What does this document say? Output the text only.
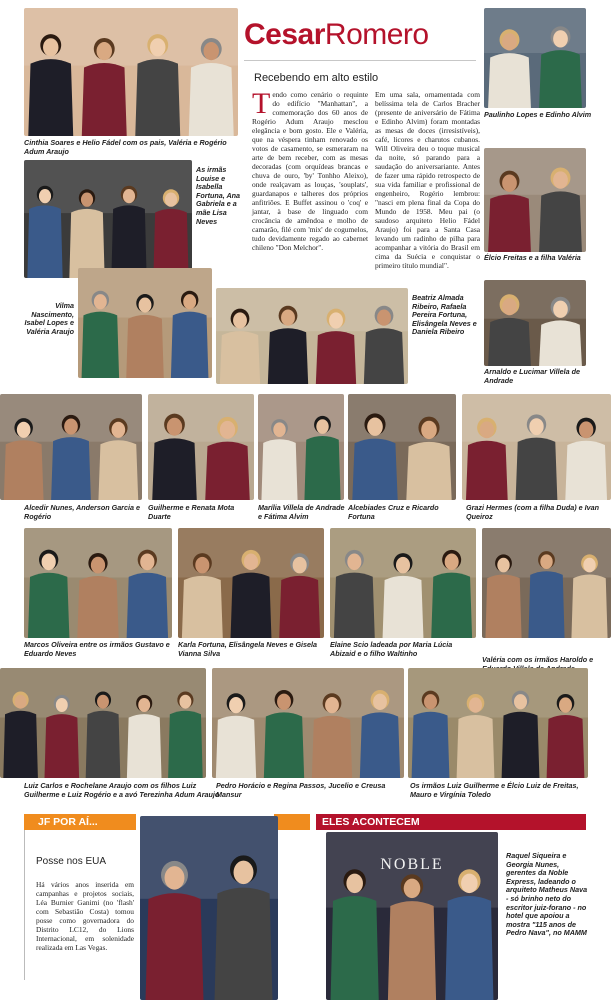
Cinthia Soares e Helio Fádel com os pais, Valéria e Rogério Adum Araujo
CesarRomero
Paulinho Lopes e Edinho Alvim
Recebendo em alto estilo
Tendo como cenário o requinte do edifício "Manhattan", a comemoração dos 60 anos de Rogério Adum Araujo mesclou elegância e bom gosto. Ele e Valéria, que na véspera tinham renovado os votos de casamento, se esmeraram na arte de bem receber, com as mesas decoradas (com orquídeas brancas e chuva de ouro, 'by' Tonhho Aleixo), onde realçavam as louças, 'souplats', guardanapos e talheres dos próprios anfitriões. E Buffet assinou o 'coq' e jantar, à base de linguado com crocância de amêndoa e molho de camarão, filé com 'mix' de cogumelos, tudo devidamente regado ao cabernet chileno "Don Melchor".
Em uma sala, ornamentada com belíssima tela de Carlos Bracher (presente de aniversário de Fátima e Edinho Alvim) foram montadas as mesas de doces (irresistíveis), café, licores e charutos cubanos. Will Oliveira deu o toque musical da noite, só parando para a saudação do aniversariante. Antes de fazer uma rápido retrospecto de sua vida familiar e profissional de engenheiro, Rogério lembrou: "nasci em plena final da Copa do Mundo de 1958. Meu pai (o saudoso arquiteto Helio Fádel Araujo) foi para a Santa Casa levando um radinho de pilha para acompanhar a vitória do Brasil em cima da Suécia e conquistar o primeiro título mundial".
As irmãs Louise e Isabella Fortuna, Ana Gabriela e a mãe Lisa Neves
Élcio Freitas e a filha Valéria
Vilma Nascimento, Isabel Lopes e Valéria Araujo
Beatriz Almada Ribeiro, Rafaela Pereira Fortuna, Elisângela Neves e Daniela Ribeiro
Arnaldo e Lucimar Villela de Andrade
Alcedir Nunes, Anderson Garcia e Rogério
Guilherme e Renata Mota Duarte
Marília Villela de Andrade e Fátima Alvim
Alcebiades Cruz e Ricardo Fortuna
Grazi Hermes (com a filha Duda) e Ivan Queiroz
Marcos Oliveira entre os irmãos Gustavo e Eduardo Neves
Karla Fortuna, Elisângela Neves e Gisela Vianna Silva
Elaine Scio ladeada por Maria Lúcia Abizaid e o filho Waltinho
Valéria com os irmãos Haroldo e
Luiz Carlos e Rochelane Araujo com os filhos Luiz Guilherme e Luiz Rogério e a avó Terezinha Adum Araujo
Pedro Horácio e Regina Passos, Jucelio e Creusa Mansur
Os irmãos Luiz Guilherme e Élcio Luiz de Freitas, Mauro e Virgínia Toledo
JF POR AÍ...
Posse nos EUA
Há vários anos inserida em campanhas e projetos sociais, Léa Burnier Ganimi (no 'flash' com Sebastião Costa) tomou posse como governadora do Distrito LC12, do Lions Internacional, em solenidade realizada em Las Vegas.
ELES ACONTECEM
NOBLE
Raquel Siqueira e Georgia Nunes, gerentes da Noble Express, ladeando o arquiteto Matheus Nava - só brinho neto do escritor juiz-forano - no hotel que apoiou a mostra "115 anos de Pedro Nava", no MAMM
